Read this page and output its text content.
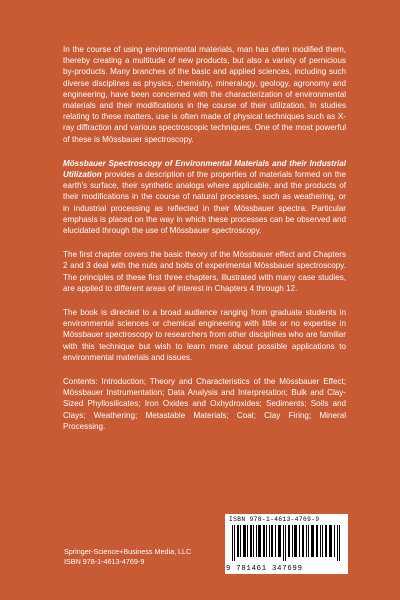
In the course of using environmental materials, man has often modified them, thereby creating a multitude of new products, but also a variety of pernicious by-products. Many branches of the basic and applied sciences, including such diverse disciplines as physics, chemistry, mineralogy, geology, agronomy and engineering, have been concerned with the characterization of environmental materials and their modifications in the course of their utilization. In studies relating to these matters, use is often made of physical techniques such as X-ray diffraction and various spectroscopic techniques. One of the most powerful of these is Mössbauer spectroscopy.

Mössbauer Spectroscopy of Environmental Materials and their Industrial Utilization provides a description of the properties of materials formed on the earth's surface, their synthetic analogs where applicable, and the products of their modifications in the course of natural processes, such as weathering, or in industrial processing as reflected in their Mössbauer spectra. Particular emphasis is placed on the way in which these processes can be observed and elucidated through the use of Mössbauer spectroscopy.

The first chapter covers the basic theory of the Mössbauer effect and Chapters 2 and 3 deal with the nuts and bolts of experimental Mössbauer spectroscopy. The principles of these first three chapters, illustrated with many case studies, are applied to different areas of interest in Chapters 4 through 12.

The book is directed to a broad audience ranging from graduate students in environmental sciences or chemical engineering with little or no expertise in Mössbauer spectroscopy to researchers from other disciplines who are familiar with this technique but wish to learn more about possible applications to environmental materials and issues.

Contents: Introduction; Theory and Characteristics of the Mössbauer Effect; Mössbauer Instrumentation; Data Analysis and Interpretation; Bulk and Clay-Sized Phyllosilicates; Iron Oxides and Oxhydroxides; Sediments; Soils and Clays; Weathering; Metastable Materials; Coal; Clay Firing; Mineral Processing.

ISBN 978-1-4613-4769-9
9 781461 347699
Springer-Science+Business Media, LLC
ISBN 978-1-4613-4769-9
